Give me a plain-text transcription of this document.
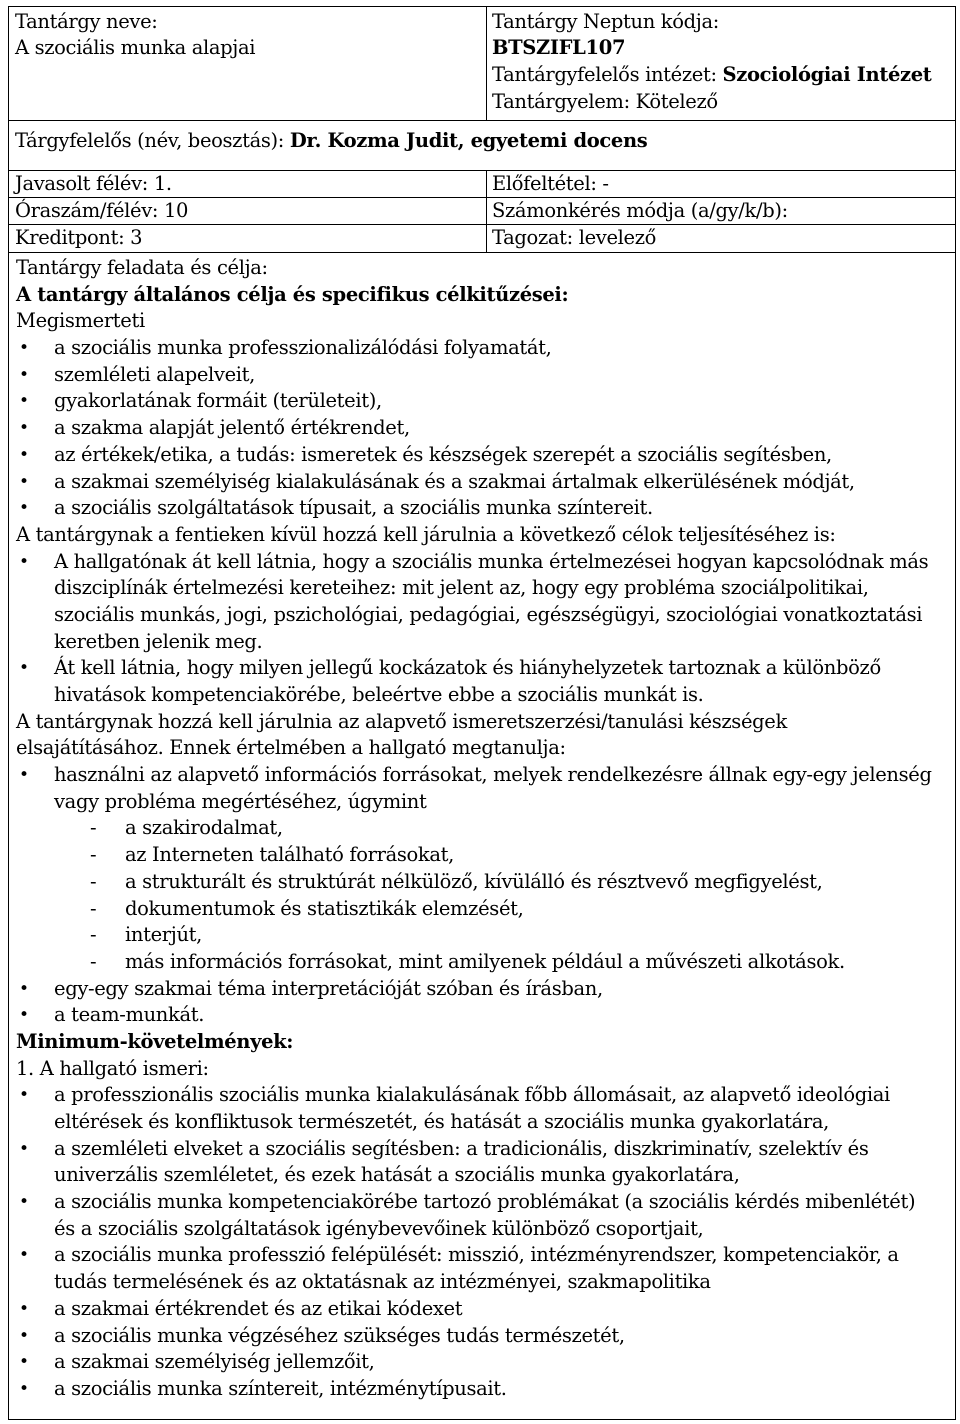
Tantárgy neve:
A szociális munka alapjai
Tantárgy Neptun kódja:
BTSZIFL107
Tantárgyfelelős intézet: Szociológiai Intézet
Tantárgyelem: Kötelező
Tárgyfelelős (név, beosztás): Dr. Kozma Judit, egyetemi docens
Javasolt félév: 1.	Előfeltétel: -
Óraszám/félév: 10	Számonkérés módja (a/gy/k/b):
Kreditpont: 3	Tagozat: levelező
Tantárgy feladata és célja:
A tantárgy általános célja és specifikus célkitűzései:
Megismerteti
• a szociális munka professzionalizálódási folyamatát,
• szemléleti alapelveit,
• gyakorlatának formáit (területeit),
• a szakma alapját jelentő értékrendet,
• az értékek/etika, a tudás: ismeretek és készségek szerepét a szociális segítésben,
• a szakmai személyiség kialakulásának és a szakmai ártalmak elkerülésének módját,
• a szociális szolgáltatások típusait, a szociális munka színtereit.
A tantárgynak a fentieken kívül hozzá kell járulnia a következő célok teljesítéséhez is:
• A hallgatónak át kell látnia, hogy a szociális munka értelmezései hogyan kapcsolódnak más
diszciplínák értelmezési kereteihez: mit jelent az, hogy egy probléma szociálpolitikai,
szociális munkás, jogi, pszichológiai, pedagógiai, egészségügyi, szociológiai vonatkoztatási
keretben jelenik meg.
• Át kell látnia, hogy milyen jellegű kockázatok és hiányhelyzetek tartoznak a különböző
hivatások kompetenciakörébe, beleértve ebbe a szociális munkát is.
A tantárgynak hozzá kell járulnia az alapvető ismeretszerzési/tanulási készségek
elsajátításához. Ennek értelmében a hallgató megtanulja:
• használni az alapvető információs forrásokat, melyek rendelkezésre állnak egy-egy jelenség
vagy probléma megértéséhez, úgymint
- a szakirodalmat,
- az Interneten található forrásokat,
- a strukturált és struktúrát nélkülöző, kívülálló és résztvevő megfigyelést,
- dokumentumok és statisztikák elemzését,
- interjút,
- más információs forrásokat, mint amilyenek például a művészeti alkotások.
• egy-egy szakmai téma interpretációját szóban és írásban,
• a team-munkát.
Minimum-követelmények:
1. A hallgató ismeri:
• a professzionális szociális munka kialakulásának főbb állomásait, az alapvető ideológiai
eltérések és konfliktusok természetét, és hatását a szociális munka gyakorlatára,
• a szemléleti elveket a szociális segítésben: a tradicionális, diszkriminatív, szelektív és
univerzális szemléletet, és ezek hatását a szociális munka gyakorlatára,
• a szociális munka kompetenciakörébe tartozó problémákat (a szociális kérdés mibenlétét)
és a szociális szolgáltatások igénybevevőinek különböző csoportjait,
• a szociális munka professzió felépülését: misszió, intézményrendszer, kompetenciakör, a
tudás termelésének és az oktatásnak az intézményei, szakmapolitika
• a szakmai értékrendet és az etikai kódexet
• a szociális munka végzéséhez szükséges tudás természetét,
• a szakmai személyiség jellemzőit,
• a szociális munka színtereit, intézménytípusait.
